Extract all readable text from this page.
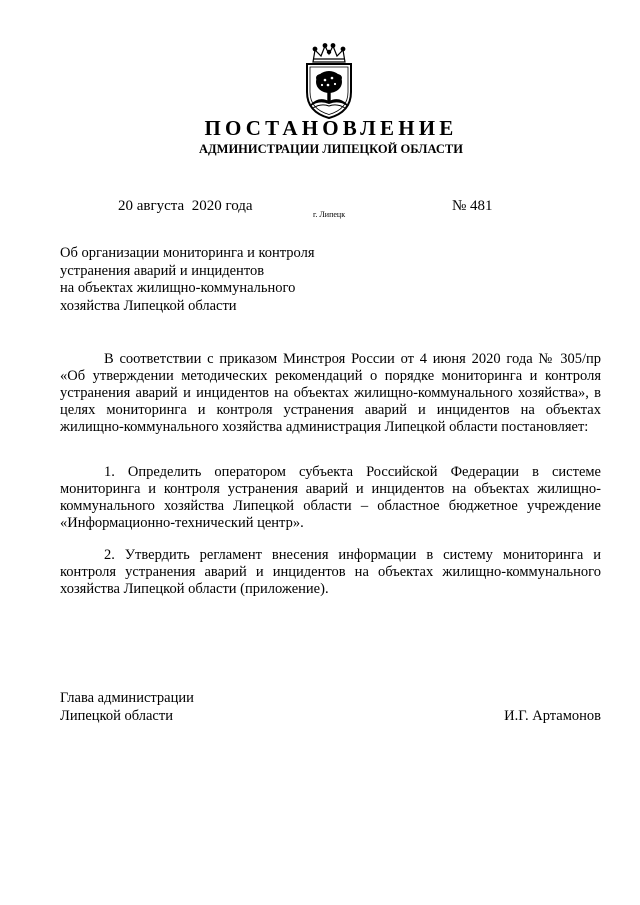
ПОСТАНОВЛЕНИЕ
АДМИНИСТРАЦИИ ЛИПЕЦКОЙ ОБЛАСТИ
20 августа  2020 года
г. Липецк
№ 481
Об организации мониторинга и контроля
устранения аварий и инцидентов
на объектах жилищно-коммунального
хозяйства Липецкой области
В соответствии с приказом Минстроя России от 4 июня 2020 года № 305/пр «Об утверждении методических рекомендаций о порядке мониторинга и контроля устранения аварий и инцидентов на объектах жилищно-коммунального хозяйства», в целях мониторинга и контроля устранения аварий и инцидентов на объектах жилищно-коммунального хозяйства администрация Липецкой области постановляет:
1. Определить оператором субъекта Российской Федерации в системе мониторинга и контроля устранения аварий и инцидентов на объектах жилищно-коммунального хозяйства Липецкой области – областное бюджетное учреждение «Информационно-технический центр».
2. Утвердить регламент внесения информации в систему мониторинга и контроля устранения аварий и инцидентов на объектах жилищно-коммунального хозяйства Липецкой области (приложение).
Глава администрации
Липецкой области	И.Г. Артамонов
